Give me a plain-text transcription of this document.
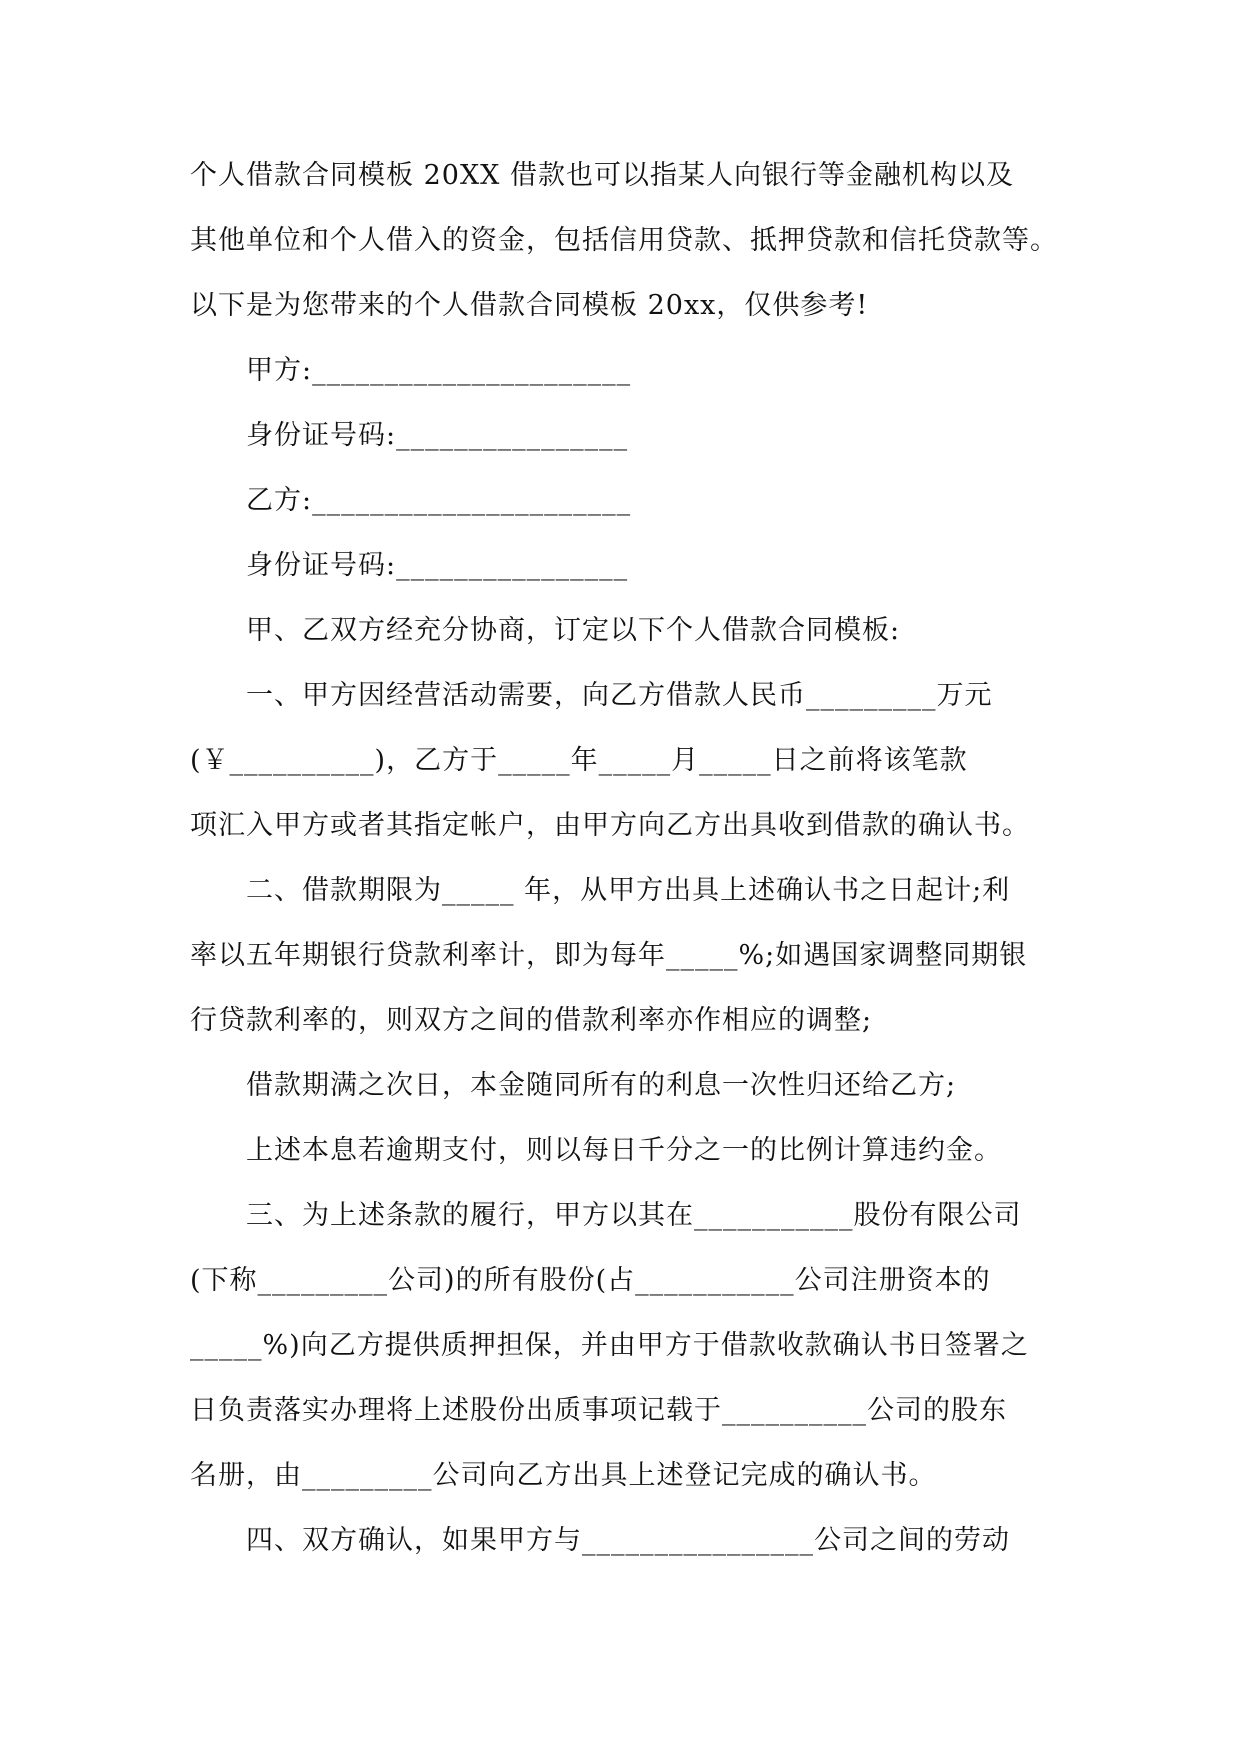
个人借款合同模板 20XX 借款也可以指某人向银行等金融机构以及
其他单位和个人借入的资金，包括信用贷款、抵押贷款和信托贷款等。
以下是为您带来的个人借款合同模板 20xx，仅供参考!
甲方:______________________
身份证号码:________________
乙方:______________________
身份证号码:________________
甲、乙双方经充分协商，订定以下个人借款合同模板:
一、甲方因经营活动需要，向乙方借款人民币_________万元
(￥__________)，乙方于_____年_____月_____日之前将该笔款
项汇入甲方或者其指定帐户，由甲方向乙方出具收到借款的确认书。
二、借款期限为_____ 年，从甲方出具上述确认书之日起计;利
率以五年期银行贷款利率计，即为每年_____%;如遇国家调整同期银
行贷款利率的，则双方之间的借款利率亦作相应的调整;
借款期满之次日，本金随同所有的利息一次性归还给乙方;
上述本息若逾期支付，则以每日千分之一的比例计算违约金。
三、为上述条款的履行，甲方以其在___________股份有限公司
(下称_________公司)的所有股份(占___________公司注册资本的
_____%)向乙方提供质押担保，并由甲方于借款收款确认书日签署之
日负责落实办理将上述股份出质事项记载于__________公司的股东
名册，由_________公司向乙方出具上述登记完成的确认书。
四、双方确认，如果甲方与________________公司之间的劳动
